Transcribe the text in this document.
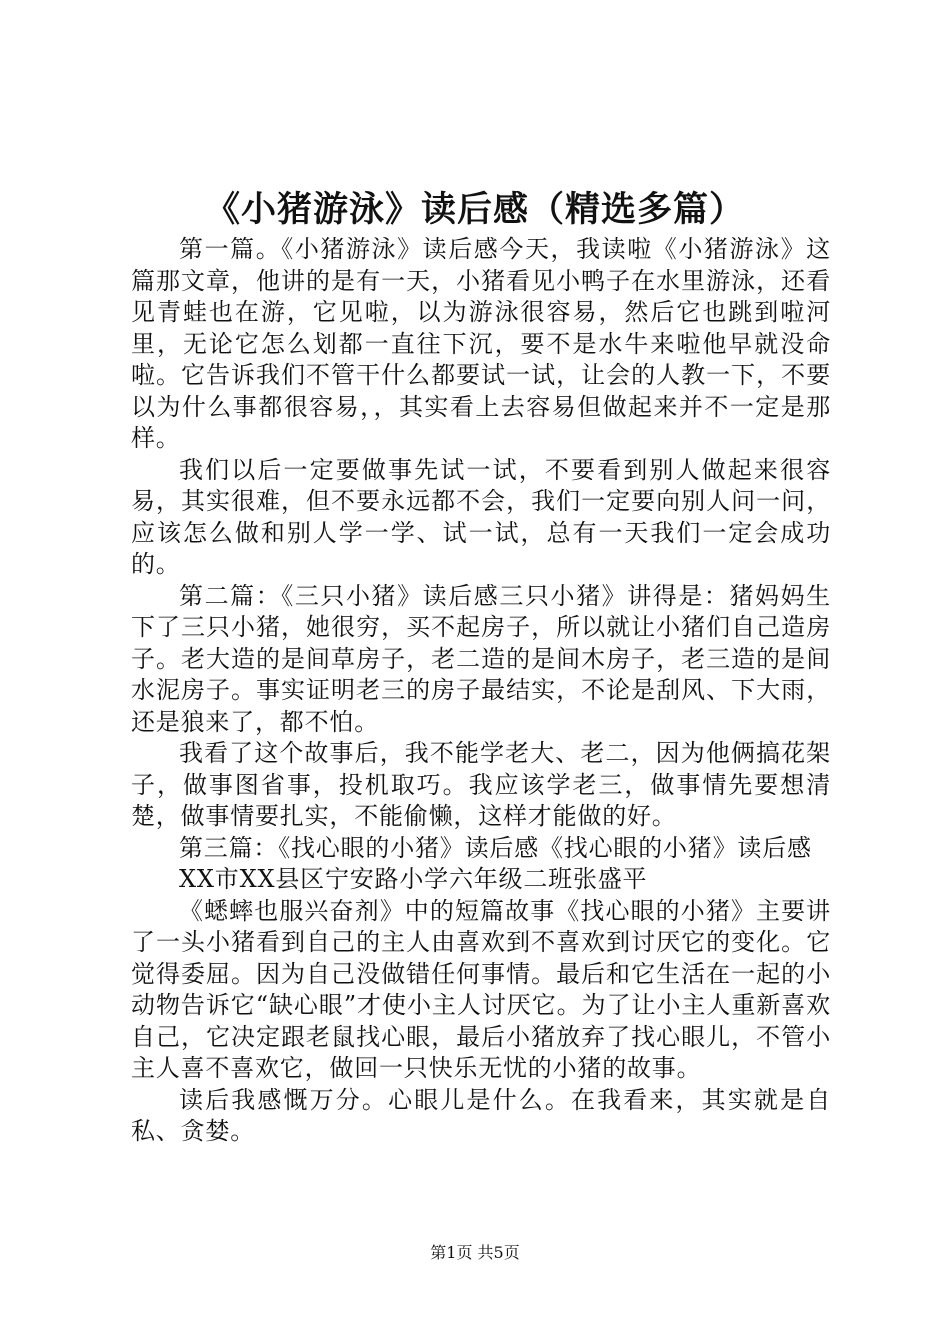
《小猪游泳》读后感（精选多篇）

第一篇。《小猪游泳》读后感今天，我读啦《小猪游泳》这篇那文章，他讲的是有一天，小猪看见小鸭子在水里游泳，还看见青蛙也在游，它见啦，以为游泳很容易，然后它也跳到啦河里，无论它怎么划都一直往下沉，要不是水牛来啦他早就没命啦。它告诉我们不管干什么都要试一试，让会的人教一下，不要以为什么事都很容易，，其实看上去容易但做起来并不一定是那样。

我们以后一定要做事先试一试，不要看到别人做起来很容易，其实很难，但不要永远都不会，我们一定要向别人问一问，应该怎么做和别人学一学、试一试，总有一天我们一定会成功的。

第二篇：《三只小猪》读后感三只小猪》讲得是：猪妈妈生下了三只小猪，她很穷，买不起房子，所以就让小猪们自己造房子。老大造的是间草房子，老二造的是间木房子，老三造的是间水泥房子。事实证明老三的房子最结实，不论是刮风、下大雨，还是狼来了，都不怕。

我看了这个故事后，我不能学老大、老二，因为他俩搞花架子，做事图省事，投机取巧。我应该学老三，做事情先要想清楚，做事情要扎实，不能偷懒，这样才能做的好。

第三篇：《找心眼的小猪》读后感《找心眼的小猪》读后感

XX市XX县区宁安路小学六年级二班张盛平

《蟋蟀也服兴奋剂》中的短篇故事《找心眼的小猪》主要讲了一头小猪看到自己的主人由喜欢到不喜欢到讨厌它的变化。它觉得委屈。因为自己没做错任何事情。最后和它生活在一起的小动物告诉它“缺心眼”才使小主人讨厌它。为了让小主人重新喜欢自己，它决定跟老鼠找心眼，最后小猪放弃了找心眼儿，不管小主人喜不喜欢它，做回一只快乐无忧的小猪的故事。

读后我感慨万分。心眼儿是什么。在我看来，其实就是自私、贪婪。

第1页 共5页
